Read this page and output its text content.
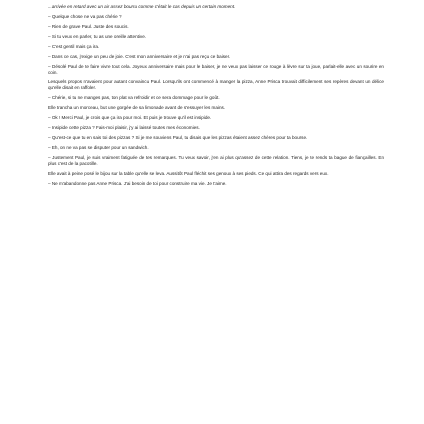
...arrivée en retard avec un air assez bourru comme c'était le cas depuis un certain moment.

– Quelque chose ne va pas chérie ?

– Rien de grave Paul. Juste des soucis.

– Si tu veux en parler, tu as une oreille attentive.

– C'est gentil mais ça ira.

– Dans ce cas, j'exige un peu de joie. C'est mon anniversaire et je n'ai pas reçu ce baiser.

– Désolé Paul de te faire vivre tout cela. Joyeux anniversaire mais pour le baiser, je ne veux pas laisser ce rouge à lèvre sur ta joue, parlait-elle avec un sourire en coin.

Lesquels propos n'avaient pour autant convaincu Paul. Lorsqu'ils ont commencé à manger la pizza, Anne Prisca trouvait difficilement ses repères devant un délice qu'elle disait en raffoler.

– Chérie, si tu ne manges pas, ton plat va refroidir et ce sera dommage pour le goût.

Elle trancha un morceau, but une gorgée de sa limonade avant de s'essuyer les mains.

– Ok ! Merci Paul, je crois que ça ira pour moi. Et puis je trouve qu'il est insipide.

– Insipide cette pizza ? Fais-moi plaisir, j'y ai laissé toutes mes économies.

– Qu'est-ce que tu en sais toi des pizzas ? Si je me souviens Paul, tu disais que les pizzas étaient assez chères pour ta bourse.

– Eh, on ne va pas se disputer pour un sandwich.

– Justement Paul, je suis vraiment fatiguée de tes remarques. Tu veux savoir, j'en ai plus qu'assez de cette relation. Tiens, je te rends ta bague de fiançailles. En plus c'est de la pacotille.

Elle avait à peine posé le bijou sur la table qu'elle se leva. Aussitôt Paul fléchit ses genoux à ses pieds. Ce qui attira des regards vers eux.

– Ne m'abandonne pas Anne Prisca. J'ai besoin de toi pour construire ma vie. Je t'aime.
